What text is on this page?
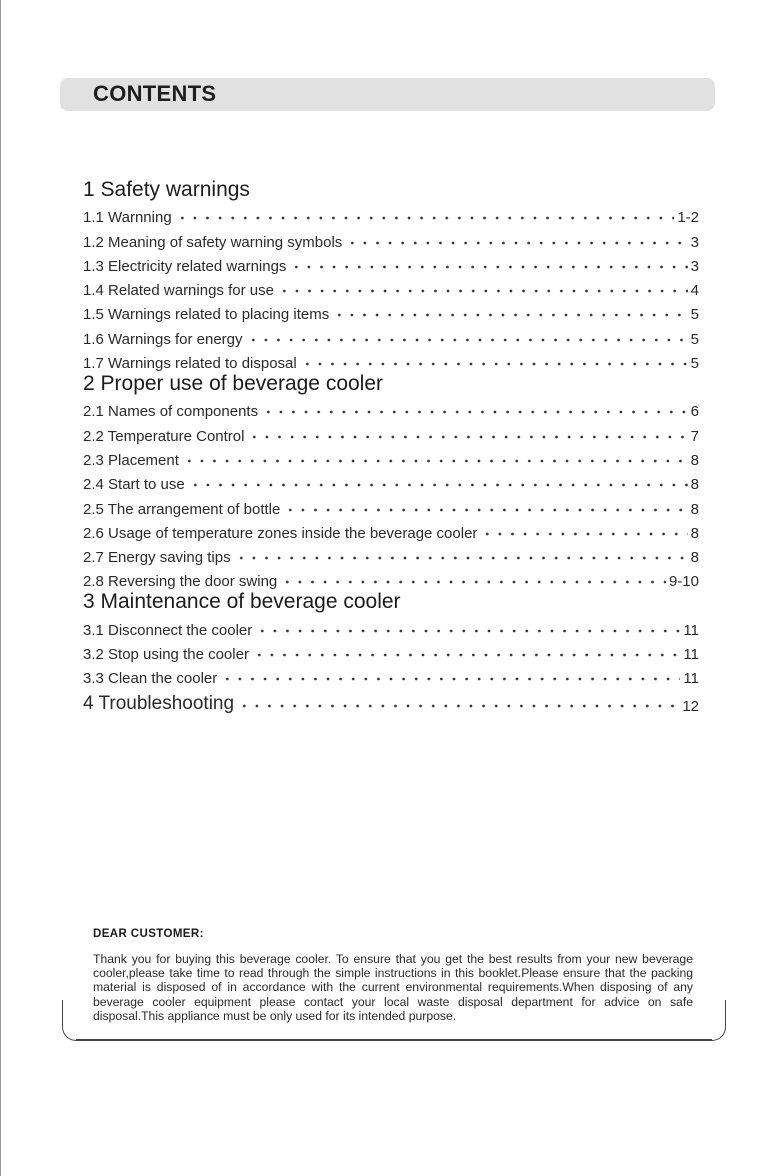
CONTENTS
1 Safety warnings
1.1 Warnning	1-2
1.2 Meaning of safety warning symbols	3
1.3 Electricity related warnings	3
1.4 Related warnings for use	4
1.5 Warnings related to placing items	5
1.6 Warnings for energy	5
1.7 Warnings related to disposal	5
2 Proper use of beverage cooler
2.1 Names of components	6
2.2 Temperature Control	7
2.3 Placement	8
2.4 Start to use	8
2.5 The arrangement of bottle	8
2.6 Usage of temperature zones inside the beverage cooler	8
2.7 Energy saving tips	8
2.8 Reversing the door swing	9-10
3 Maintenance of beverage cooler
3.1 Disconnect the cooler	11
3.2 Stop using the cooler	11
3.3 Clean the cooler	11
4 Troubleshooting	12

DEAR CUSTOMER:

Thank you for buying this beverage cooler. To ensure that you get the best results from your new beverage cooler,please take time to read through the simple instructions in this booklet.Please ensure that the packing material is disposed of in accordance with the current environmental requirements.When disposing of any beverage cooler equipment please contact your local waste disposal department for advice on safe disposal.This appliance must be only used for its intended purpose.
